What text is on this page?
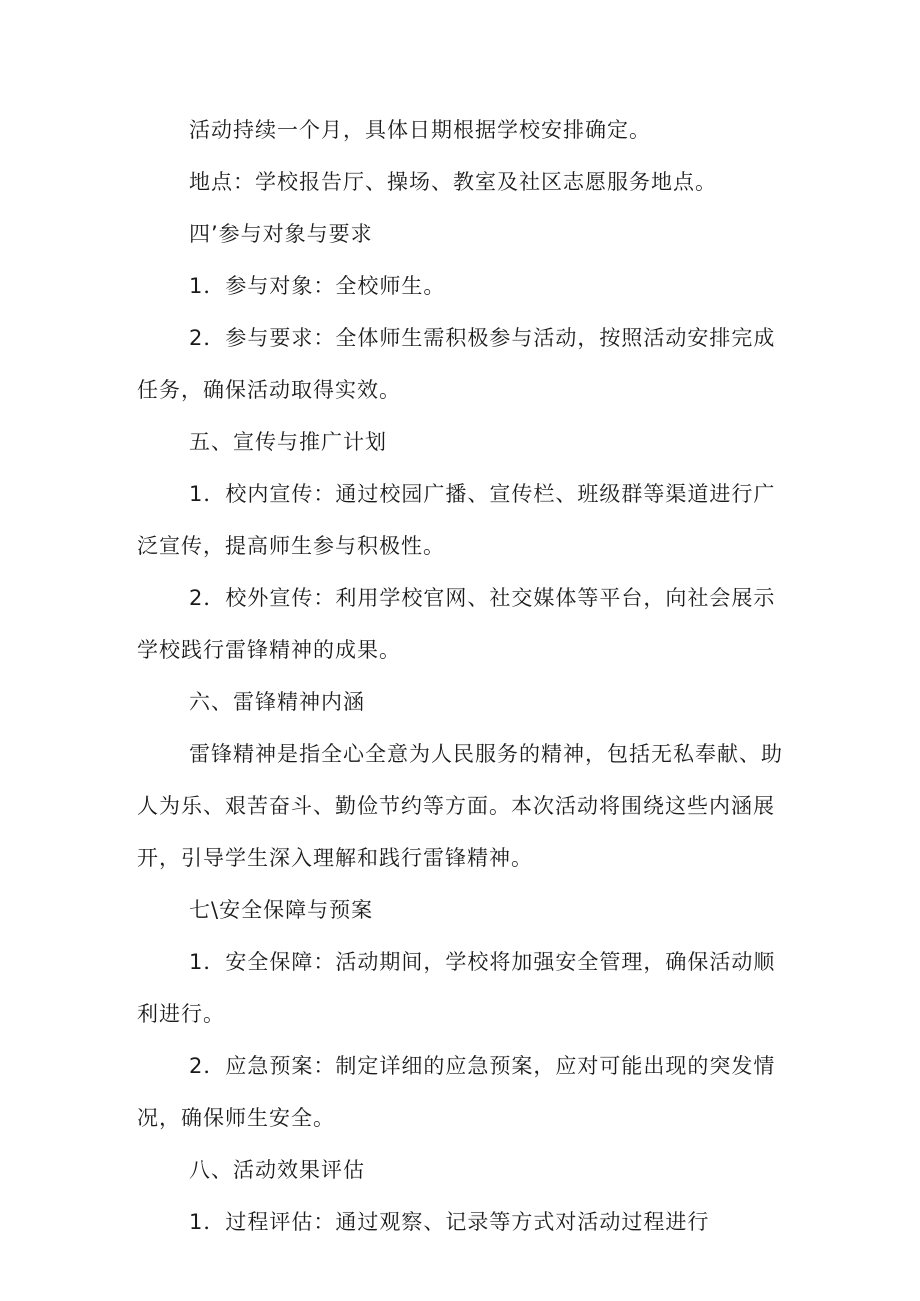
活动持续一个月，具体日期根据学校安排确定。

地点：学校报告厅、操场、教室及社区志愿服务地点。

四’参与对象与要求

1．参与对象：全校师生。

2．参与要求：全体师生需积极参与活动，按照活动安排完成任务，确保活动取得实效。

五、宣传与推广计划

1．校内宣传：通过校园广播、宣传栏、班级群等渠道进行广泛宣传，提高师生参与积极性。

2．校外宣传：利用学校官网、社交媒体等平台，向社会展示学校践行雷锋精神的成果。

六、雷锋精神内涵

雷锋精神是指全心全意为人民服务的精神，包括无私奉献、助人为乐、艰苦奋斗、勤俭节约等方面。本次活动将围绕这些内涵展开，引导学生深入理解和践行雷锋精神。

七\安全保障与预案

1．安全保障：活动期间，学校将加强安全管理，确保活动顺利进行。

2．应急预案：制定详细的应急预案，应对可能出现的突发情况，确保师生安全。

八、活动效果评估

1．过程评估：通过观察、记录等方式对活动过程进行
